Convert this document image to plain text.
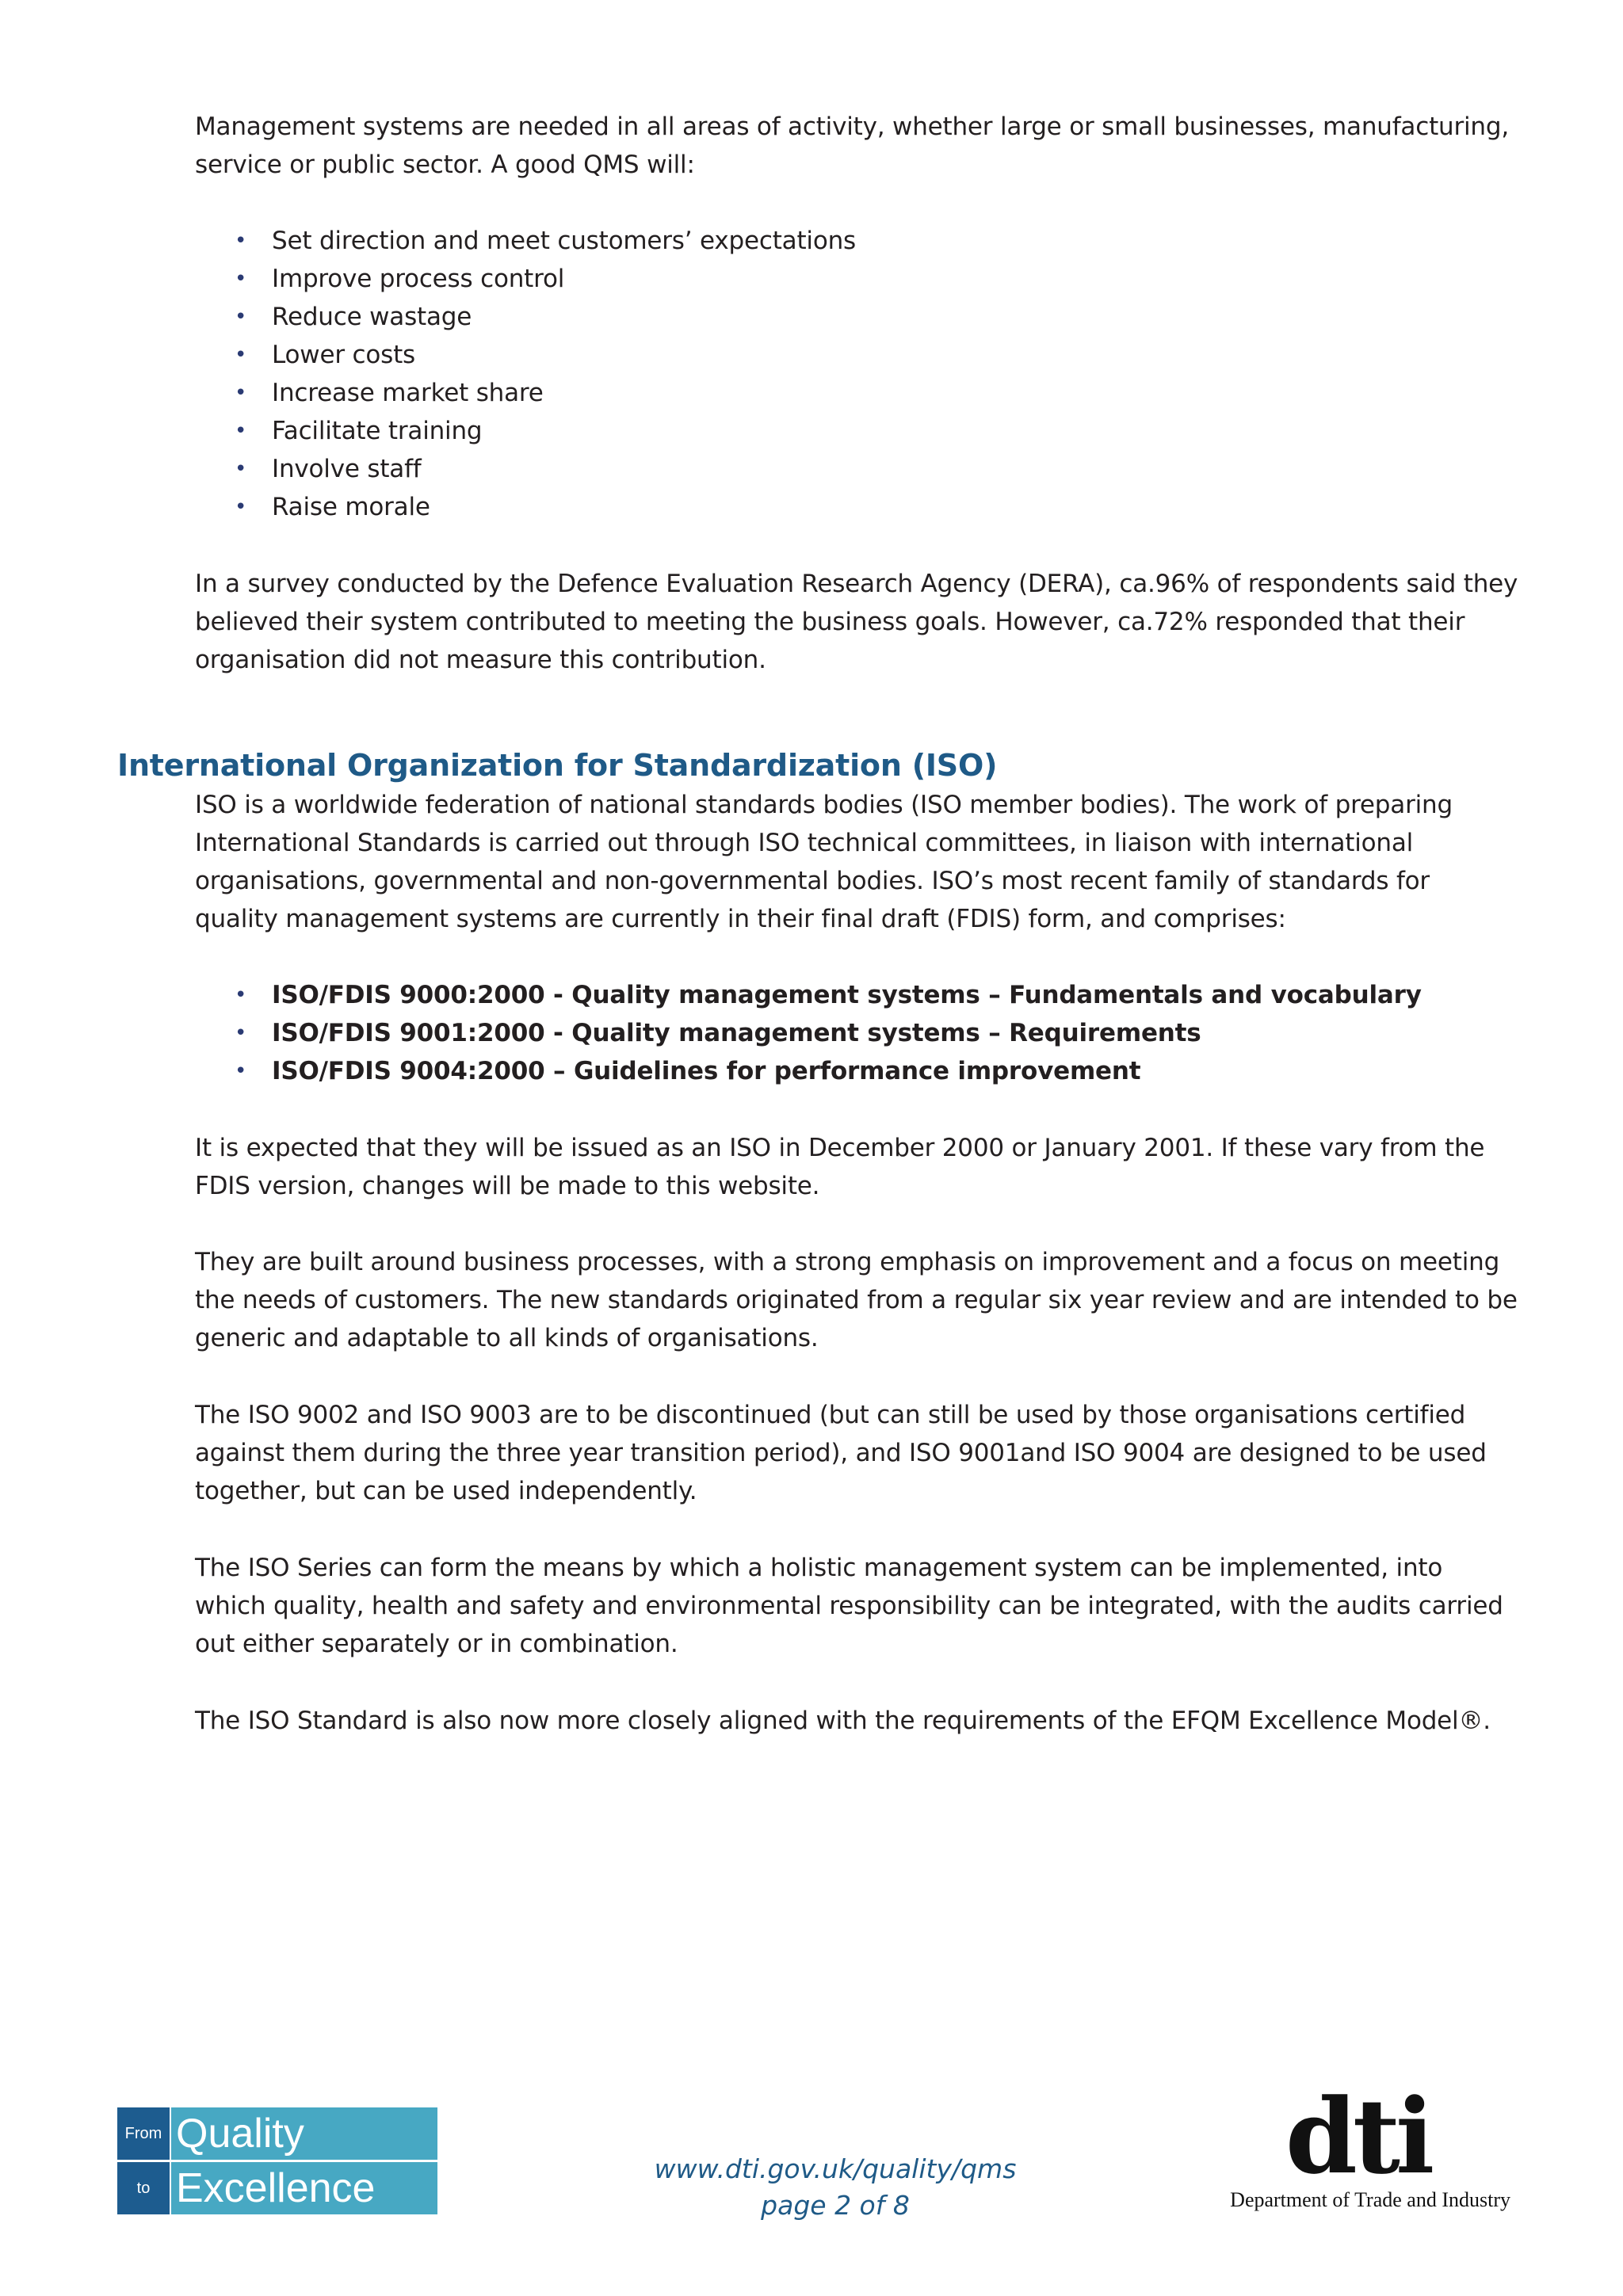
Management systems are needed in all areas of activity, whether large or small businesses, manufacturing, service or public sector. A good QMS will:

• Set direction and meet customers’ expectations
• Improve process control
• Reduce wastage
• Lower costs
• Increase market share
• Facilitate training
• Involve staff
• Raise morale

In a survey conducted by the Defence Evaluation Research Agency (DERA), ca.96% of respondents said they believed their system contributed to meeting the business goals. However, ca.72% responded that their organisation did not measure this contribution.

International Organization for Standardization (ISO)

ISO is a worldwide federation of national standards bodies (ISO member bodies). The work of preparing International Standards is carried out through ISO technical committees, in liaison with international organisations, governmental and non-governmental bodies. ISO’s most recent family of standards for quality management systems are currently in their final draft (FDIS) form, and comprises:

• ISO/FDIS 9000:2000 - Quality management systems – Fundamentals and vocabulary
• ISO/FDIS 9001:2000 - Quality management systems – Requirements
• ISO/FDIS 9004:2000 – Guidelines for performance improvement

It is expected that they will be issued as an ISO in December 2000 or January 2001. If these vary from the FDIS version, changes will be made to this website.

They are built around business processes, with a strong emphasis on improvement and a focus on meeting the needs of customers. The new standards originated from a regular six year review and are intended to be generic and adaptable to all kinds of organisations.

The ISO 9002 and ISO 9003 are to be discontinued (but can still be used by those organisations certified against them during the three year transition period), and ISO 9001and ISO 9004 are designed to be used together, but can be used independently.

The ISO Series can form the means by which a holistic management system can be implemented, into which quality, health and safety and environmental responsibility can be integrated, with the audits carried out either separately or in combination.

The ISO Standard is also now more closely aligned with the requirements of the EFQM Excellence Model®.

From Quality
to Excellence	www.dti.gov.uk/quality/qms
page 2 of 8
dti
Department of Trade and Industry
